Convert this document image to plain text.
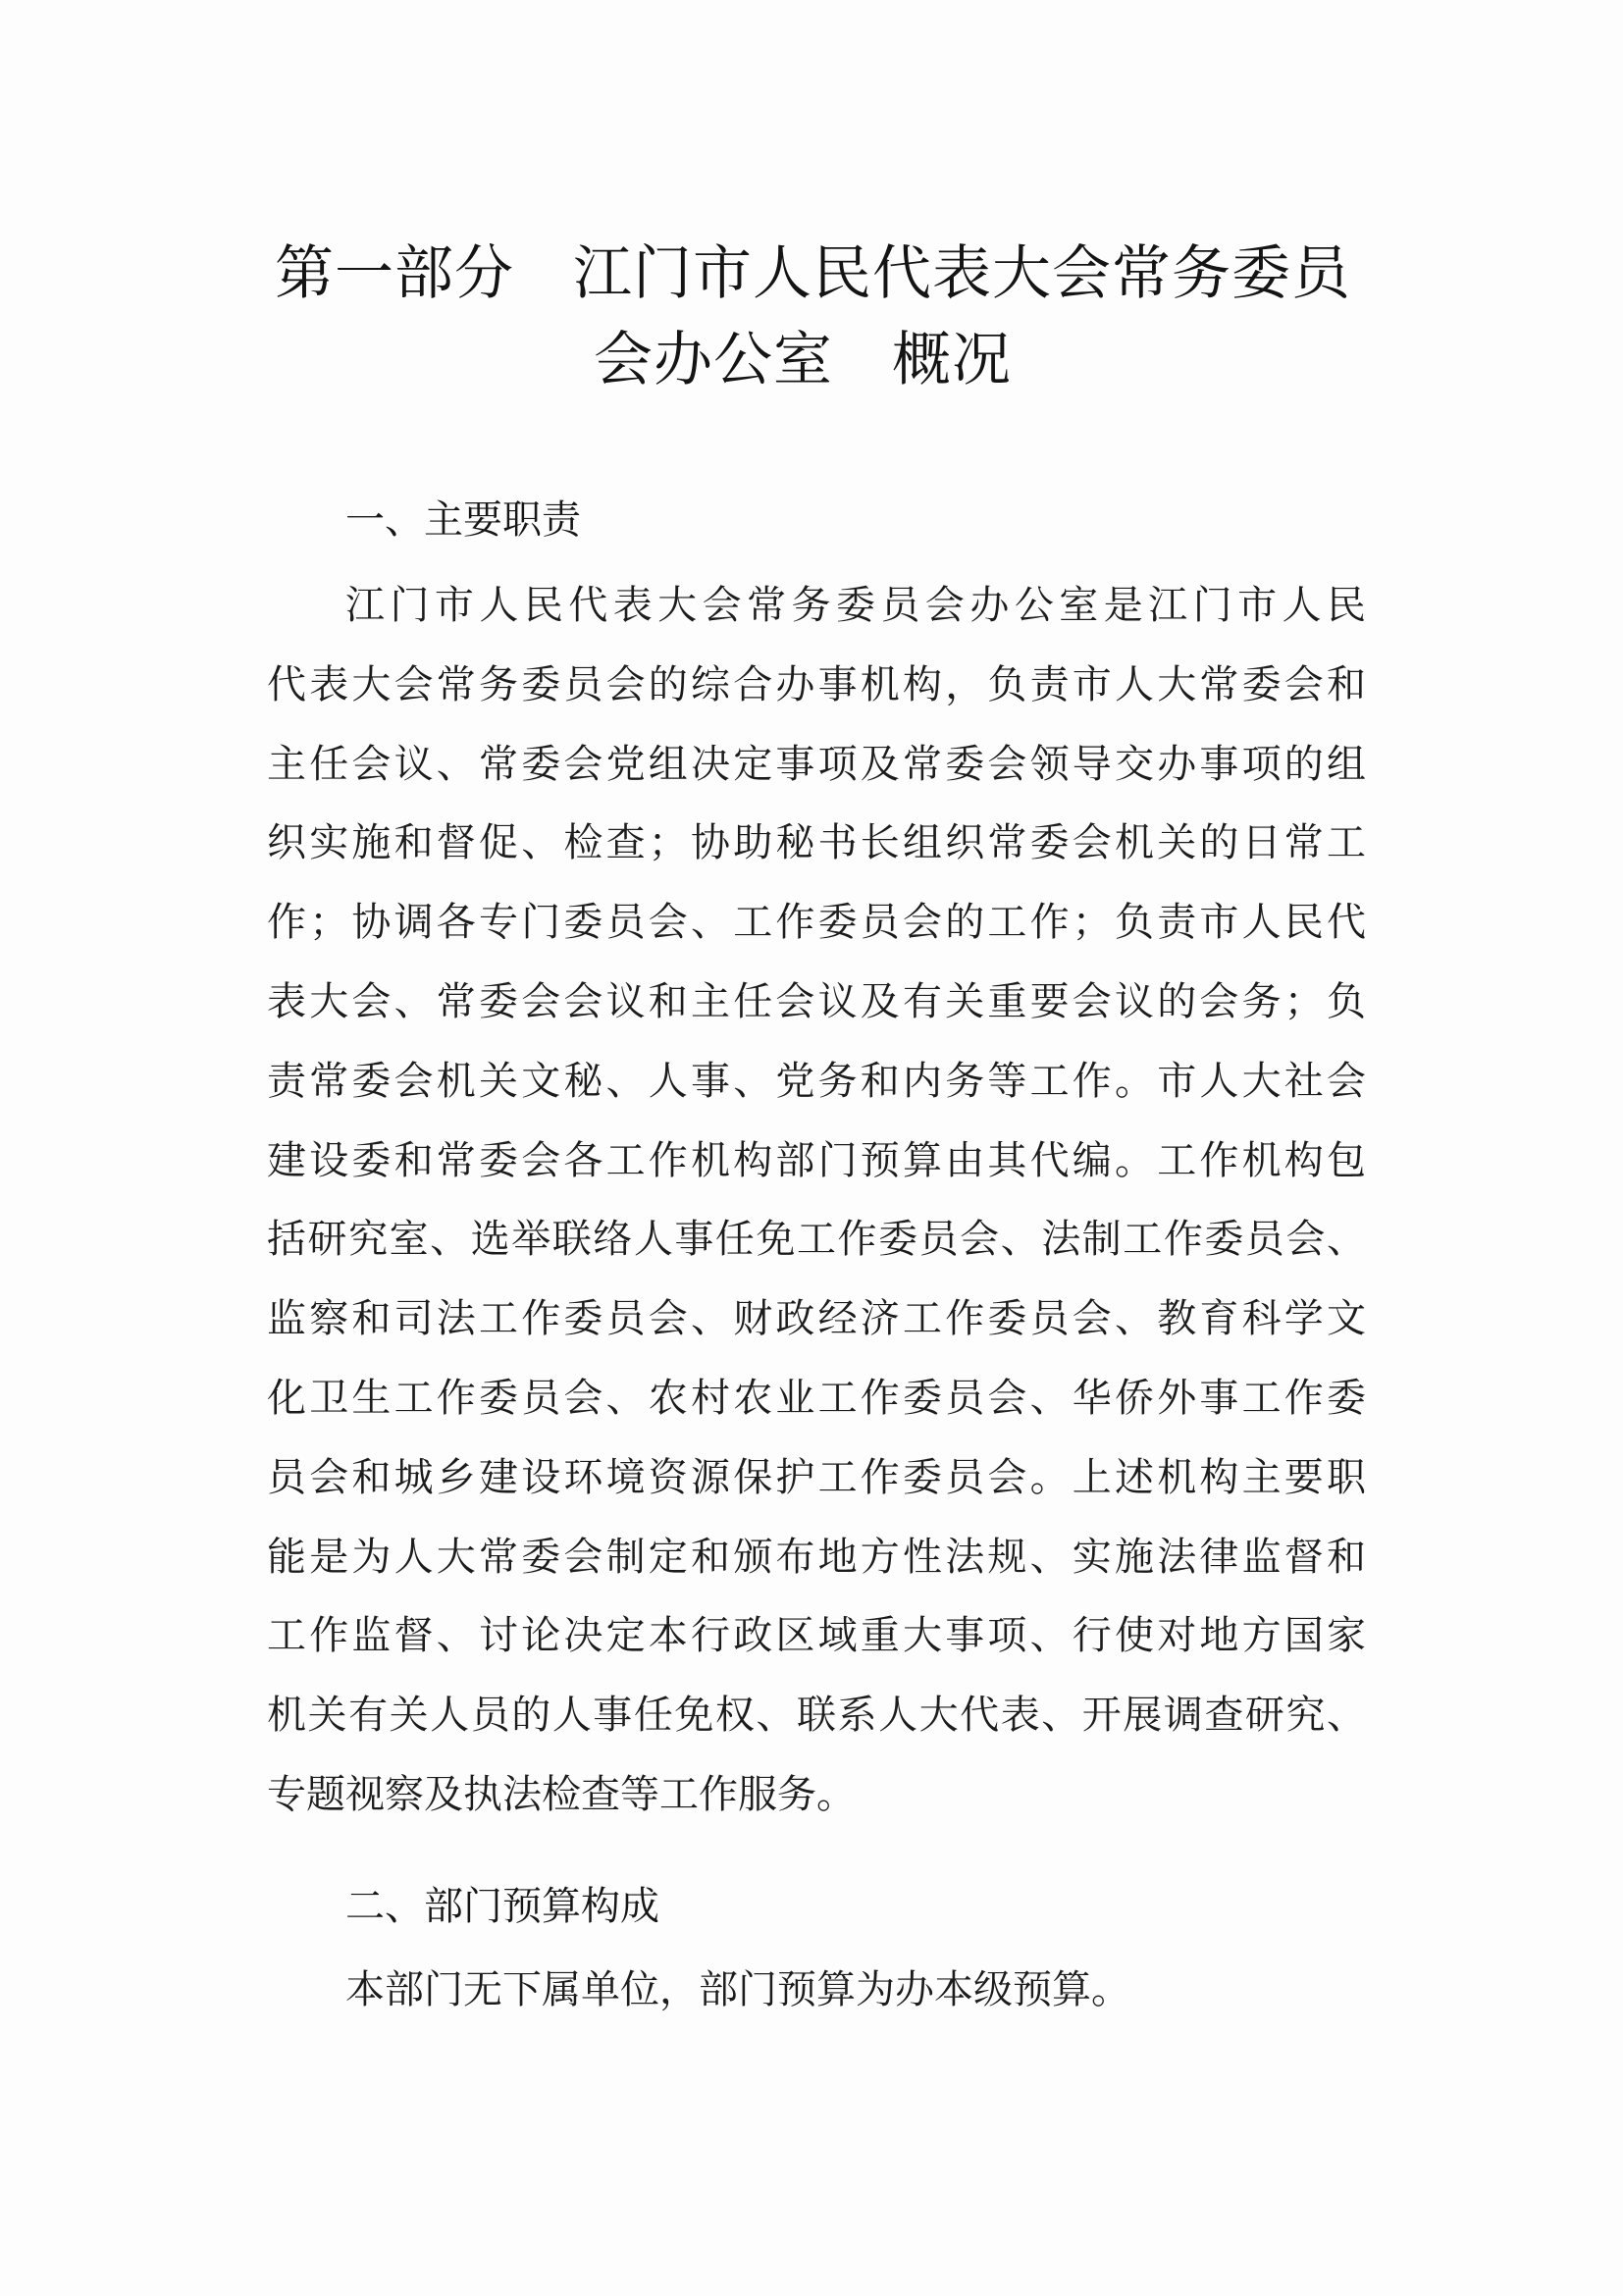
第一部分 江门市人民代表大会常务委员
会办公室 概况
一、主要职责
江门市人民代表大会常务委员会办公室是江门市人民
代表大会常务委员会的综合办事机构，负责市人大常委会和
主任会议、常委会党组决定事项及常委会领导交办事项的组
织实施和督促、检查；协助秘书长组织常委会机关的日常工
作；协调各专门委员会、工作委员会的工作；负责市人民代
表大会、常委会会议和主任会议及有关重要会议的会务；负
责常委会机关文秘、人事、党务和内务等工作。市人大社会
建设委和常委会各工作机构部门预算由其代编。工作机构包
括研究室、选举联络人事任免工作委员会、法制工作委员会、
监察和司法工作委员会、财政经济工作委员会、教育科学文
化卫生工作委员会、农村农业工作委员会、华侨外事工作委
员会和城乡建设环境资源保护工作委员会。上述机构主要职
能是为人大常委会制定和颁布地方性法规、实施法律监督和
工作监督、讨论决定本行政区域重大事项、行使对地方国家
机关有关人员的人事任免权、联系人大代表、开展调查研究、
专题视察及执法检查等工作服务。
二、部门预算构成
本部门无下属单位，部门预算为办本级预算。
